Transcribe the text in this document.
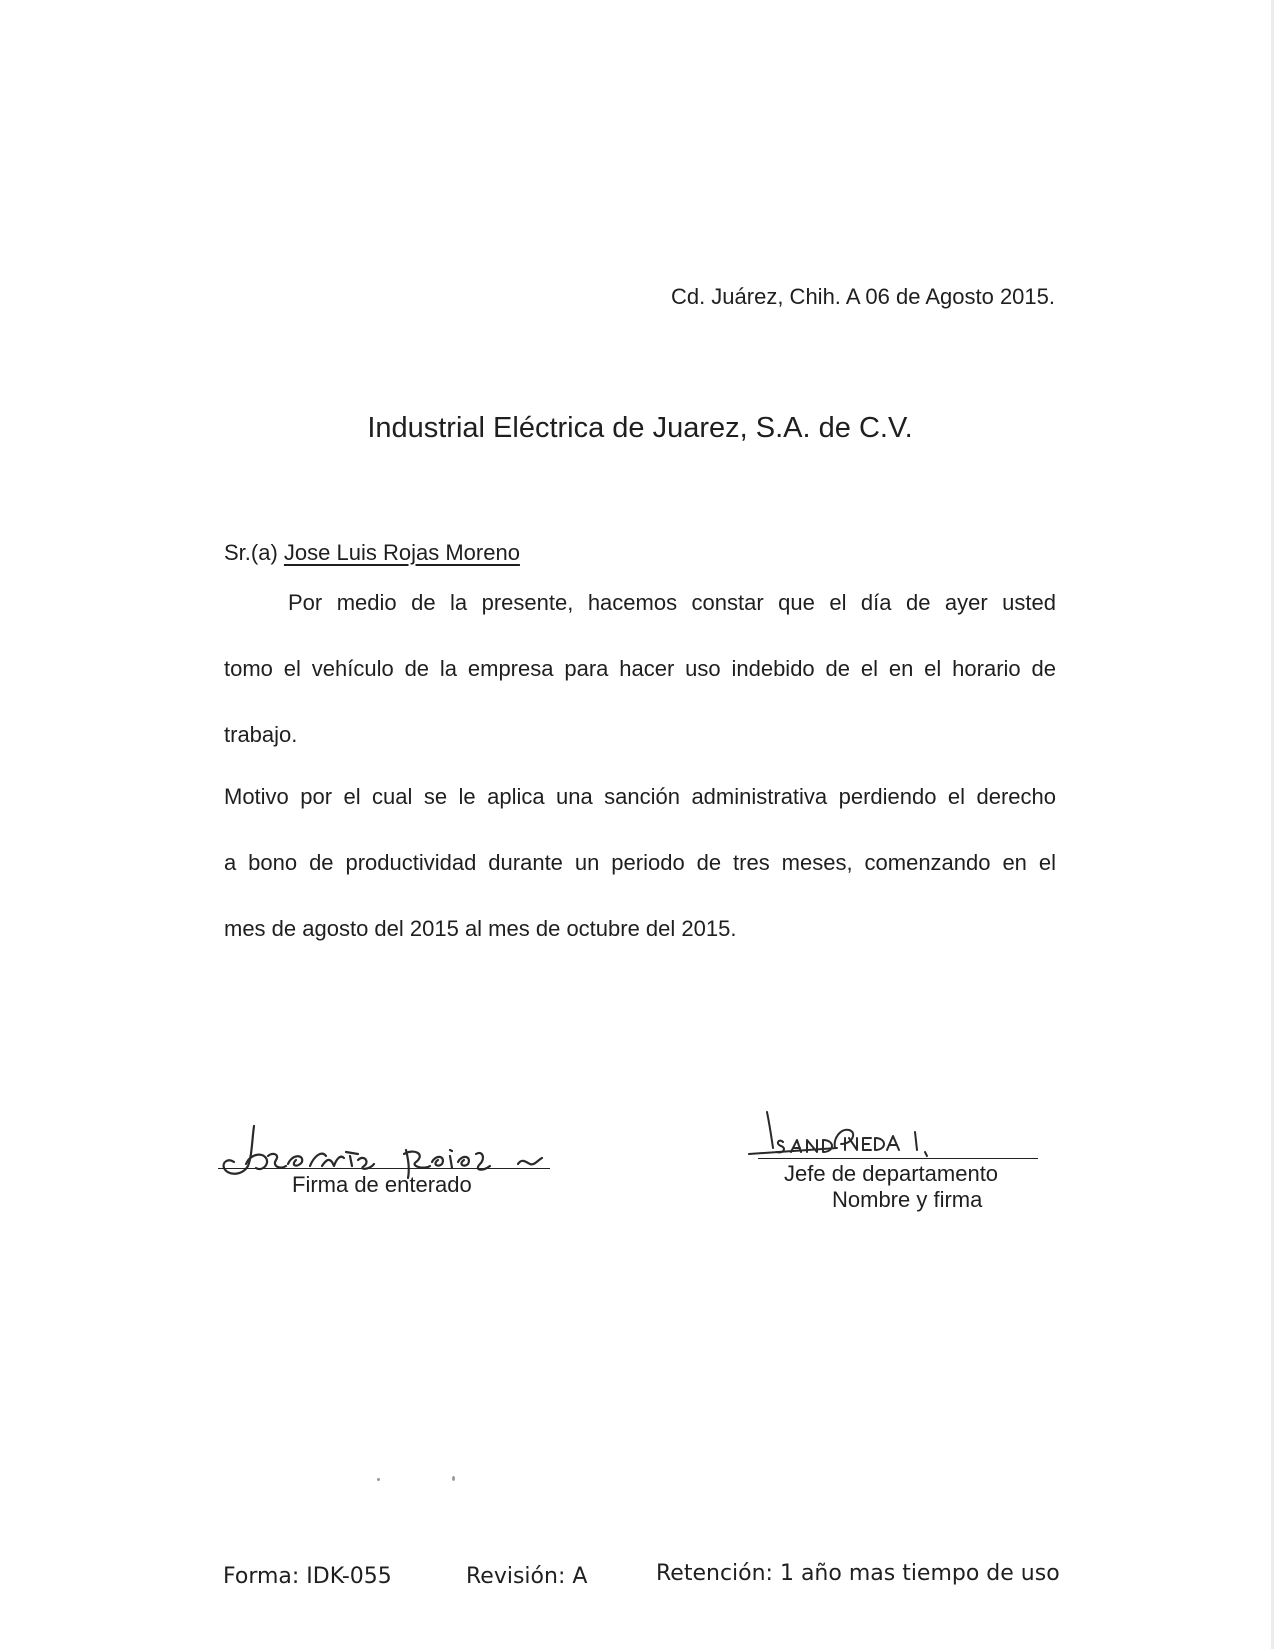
Cd. Juárez, Chih. A 06 de Agosto 2015.
Industrial Eléctrica de Juarez, S.A. de C.V.
Sr.(a) Jose Luis Rojas Moreno
Por medio de la presente, hacemos constar que el día de ayer usted
tomo el vehículo de la empresa para hacer uso indebido de el en el horario de
trabajo.
Motivo por el cual se le aplica una sanción administrativa perdiendo el derecho
a bono de productividad durante un periodo de tres meses, comenzando en el
mes de agosto del 2015 al mes de octubre del 2015.
Firma de enterado	Jefe de departamento
Nombre y firma
Forma: IDK-055	Revisión: A	Retención: 1 año mas tiempo de uso
